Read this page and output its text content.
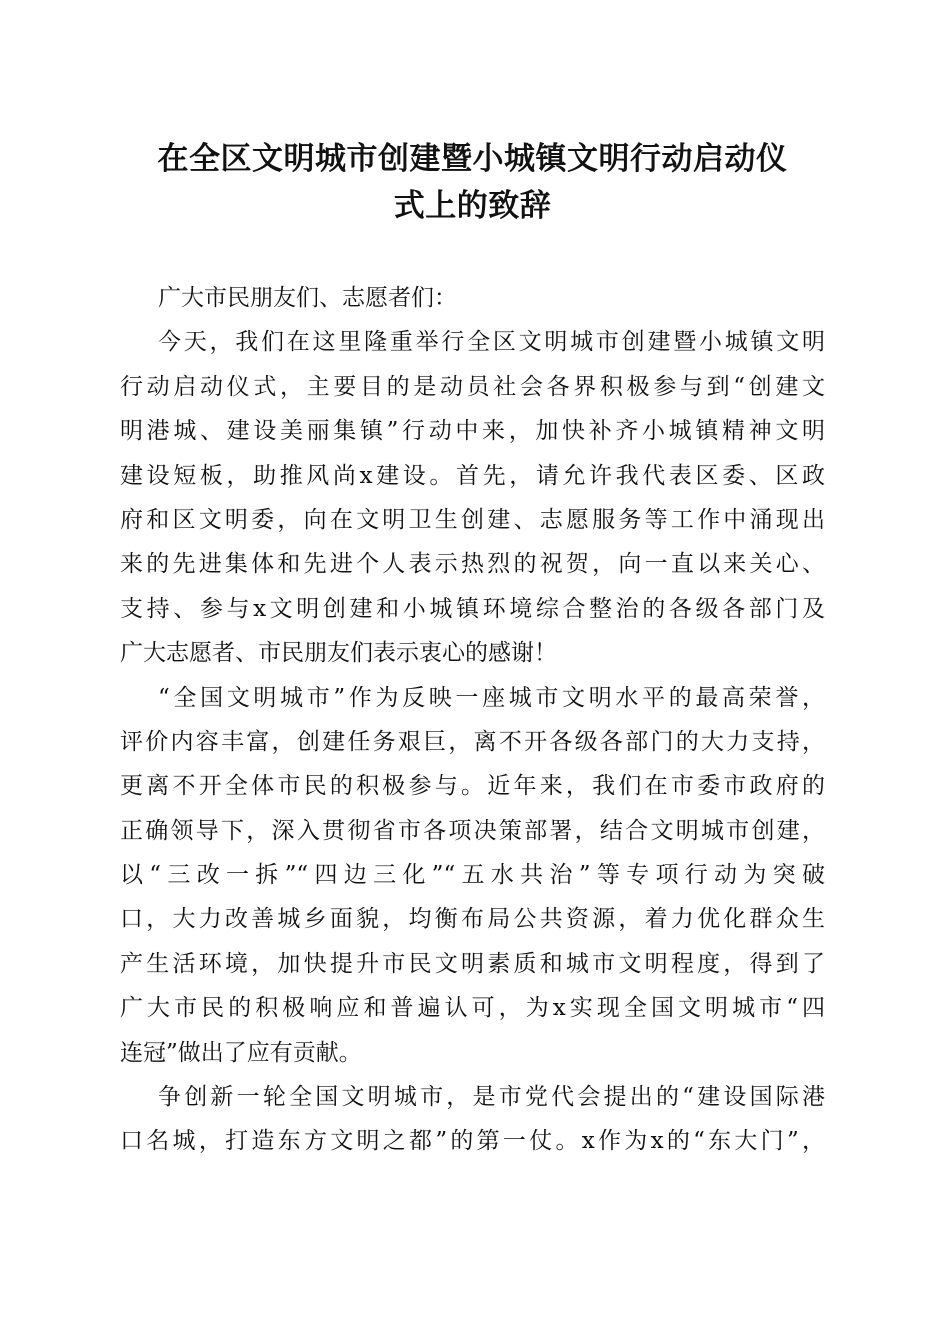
在全区文明城市创建暨小城镇文明行动启动仪
式上的致辞
广大市民朋友们、志愿者们：
今天，我们在这里隆重举行全区文明城市创建暨小城镇文明
行动启动仪式，主要目的是动员社会各界积极参与到“创建文
明港城、建设美丽集镇”行动中来，加快补齐小城镇精神文明
建设短板，助推风尚x建设。首先，请允许我代表区委、区政
府和区文明委，向在文明卫生创建、志愿服务等工作中涌现出
来的先进集体和先进个人表示热烈的祝贺，向一直以来关心、
支持、参与x文明创建和小城镇环境综合整治的各级各部门及
广大志愿者、市民朋友们表示衷心的感谢！
“全国文明城市”作为反映一座城市文明水平的最高荣誉，
评价内容丰富，创建任务艰巨，离不开各级各部门的大力支持，
更离不开全体市民的积极参与。近年来，我们在市委市政府的
正确领导下，深入贯彻省市各项决策部署，结合文明城市创建，
以“三改一拆”“四边三化”“五水共治”等专项行动为突破
口，大力改善城乡面貌，均衡布局公共资源，着力优化群众生
产生活环境，加快提升市民文明素质和城市文明程度，得到了
广大市民的积极响应和普遍认可，为x实现全国文明城市“四
连冠”做出了应有贡献。
争创新一轮全国文明城市，是市党代会提出的“建设国际港
口名城，打造东方文明之都”的第一仗。x作为x的“东大门”，
